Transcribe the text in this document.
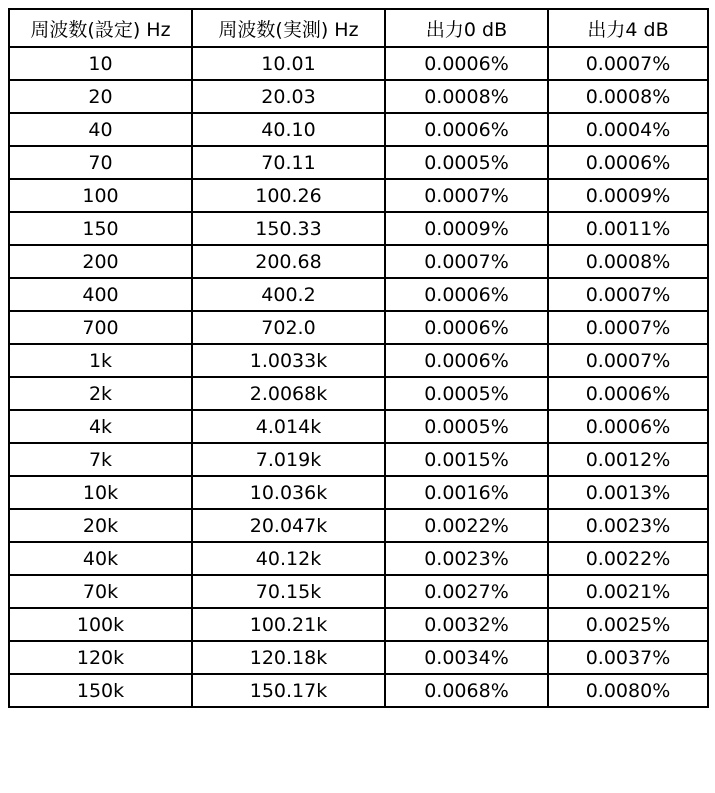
周波数(設定) Hz	周波数(実測) Hz	出力0 dB	出力4 dB
10	10.01	0.0006%	0.0007%
20	20.03	0.0008%	0.0008%
40	40.10	0.0006%	0.0004%
70	70.11	0.0005%	0.0006%
100	100.26	0.0007%	0.0009%
150	150.33	0.0009%	0.0011%
200	200.68	0.0007%	0.0008%
400	400.2	0.0006%	0.0007%
700	702.0	0.0006%	0.0007%
1k	1.0033k	0.0006%	0.0007%
2k	2.0068k	0.0005%	0.0006%
4k	4.014k	0.0005%	0.0006%
7k	7.019k	0.0015%	0.0012%
10k	10.036k	0.0016%	0.0013%
20k	20.047k	0.0022%	0.0023%
40k	40.12k	0.0023%	0.0022%
70k	70.15k	0.0027%	0.0021%
100k	100.21k	0.0032%	0.0025%
120k	120.18k	0.0034%	0.0037%
150k	150.17k	0.0068%	0.0080%
